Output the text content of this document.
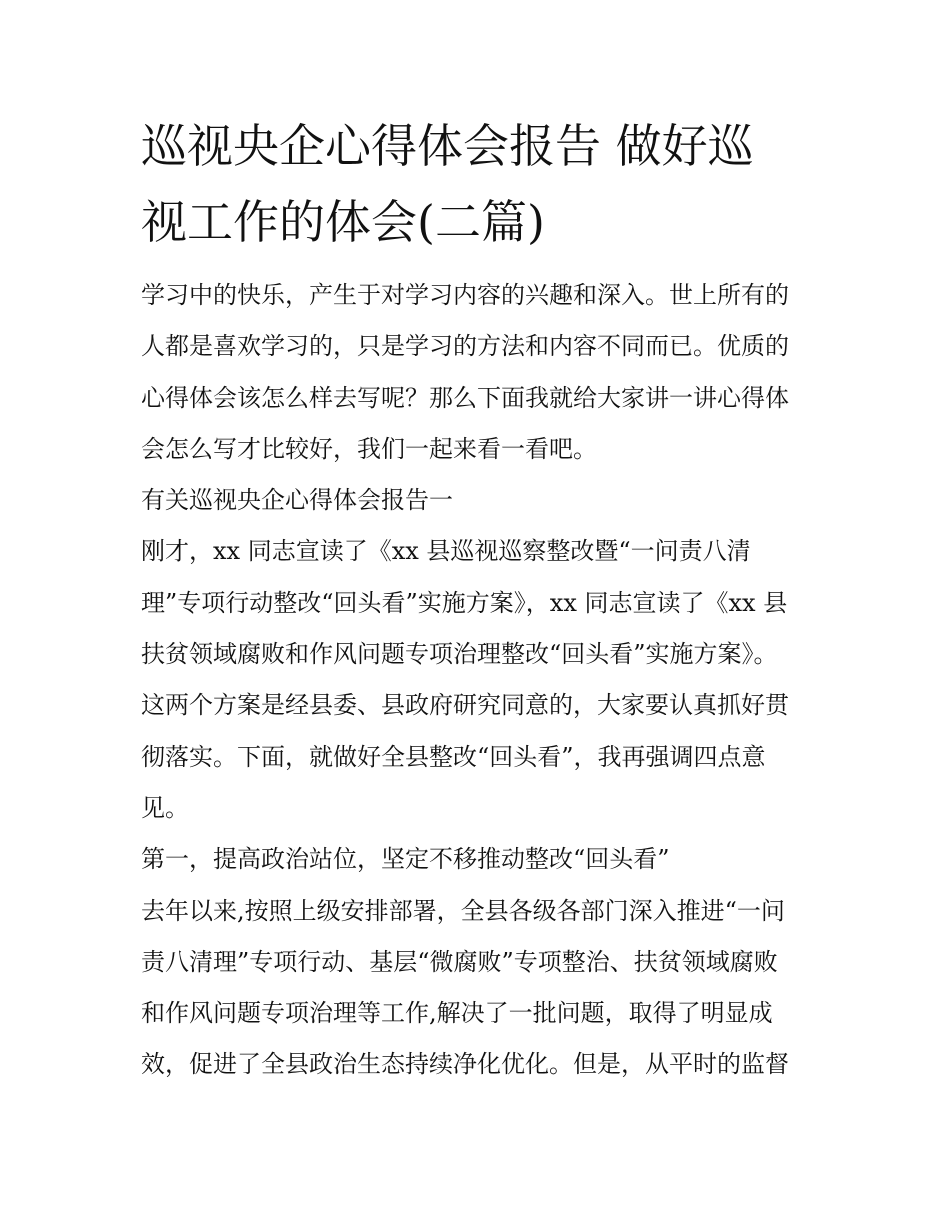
巡视央企心得体会报告 做好巡
视工作的体会(二篇)
学习中的快乐，产生于对学习内容的兴趣和深入。世上所有的
人都是喜欢学习的，只是学习的方法和内容不同而已。优质的
心得体会该怎么样去写呢？那么下面我就给大家讲一讲心得体
会怎么写才比较好，我们一起来看一看吧。
有关巡视央企心得体会报告一
刚才，xx 同志宣读了《xx 县巡视巡察整改暨“一问责八清
理”专项行动整改“回头看”实施方案》，xx 同志宣读了《xx 县
扶贫领域腐败和作风问题专项治理整改“回头看”实施方案》。
这两个方案是经县委、县政府研究同意的，大家要认真抓好贯
彻落实。下面，就做好全县整改“回头看”，我再强调四点意
见。
第一，提高政治站位，坚定不移推动整改“回头看”
去年以来,按照上级安排部署，全县各级各部门深入推进“一问
责八清理”专项行动、基层“微腐败”专项整治、扶贫领域腐败
和作风问题专项治理等工作,解决了一批问题，取得了明显成
效，促进了全县政治生态持续净化优化。但是，从平时的监督
